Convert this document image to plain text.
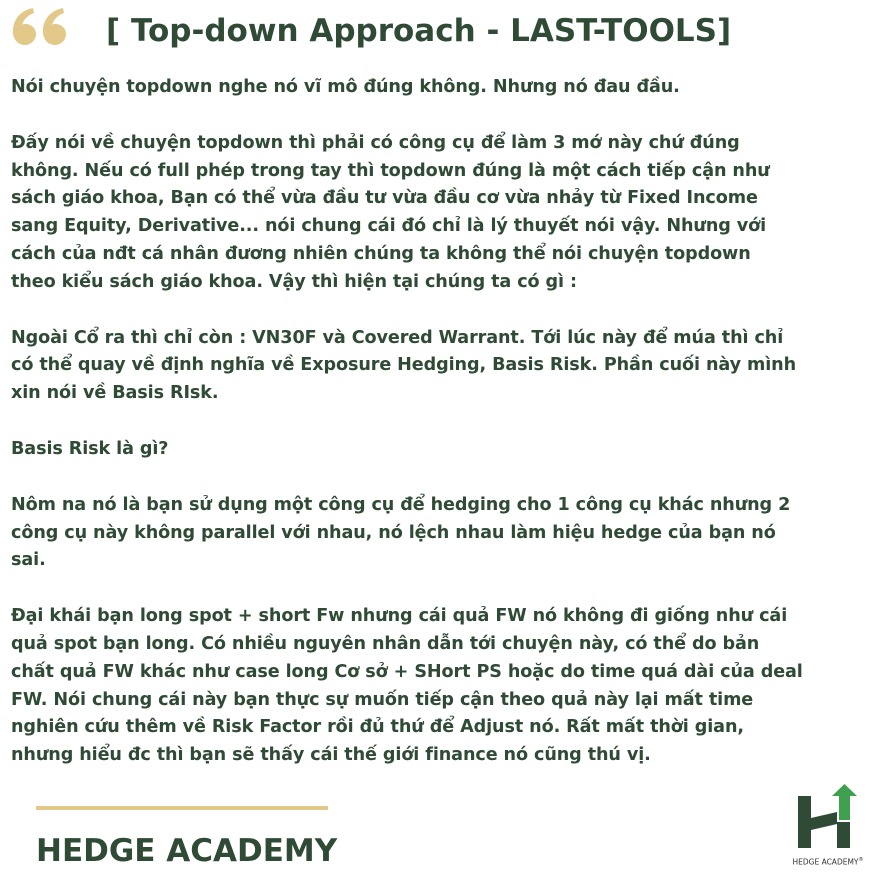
[ Top-down Approach - LAST-TOOLS]

Nói chuyện topdown nghe nó vĩ mô đúng không. Nhưng nó đau đầu.

Đấy nói về chuyện topdown thì phải có công cụ để làm 3 mớ này chứ đúng
không. Nếu có full phép trong tay thì topdown đúng là một cách tiếp cận như
sách giáo khoa, Bạn có thể vừa đầu tư vừa đầu cơ vừa nhảy từ Fixed Income
sang Equity, Derivative... nói chung cái đó chỉ là lý thuyết nói vậy. Nhưng với
cách của nđt cá nhân đương nhiên chúng ta không thể nói chuyện topdown
theo kiểu sách giáo khoa. Vậy thì hiện tại chúng ta có gì :

Ngoài Cổ ra thì chỉ còn : VN30F và Covered Warrant. Tới lúc này để múa thì chỉ
có thể quay về định nghĩa về Exposure Hedging, Basis Risk. Phần cuối này mình
xin nói về Basis RIsk.

Basis Risk là gì?

Nôm na nó là bạn sử dụng một công cụ để hedging cho 1 công cụ khác nhưng 2
công cụ này không parallel với nhau, nó lệch nhau làm hiệu hedge của bạn nó
sai.

Đại khái bạn long spot + short Fw nhưng cái quả FW nó không đi giống như cái
quả spot bạn long. Có nhiều nguyên nhân dẫn tới chuyện này, có thể do bản
chất quả FW khác như case long Cơ sở + SHort PS hoặc do time quá dài của deal
FW. Nói chung cái này bạn thực sự muốn tiếp cận theo quả này lại mất time
nghiên cứu thêm về Risk Factor rồi đủ thứ để Adjust nó. Rất mất thời gian,
nhưng hiểu đc thì bạn sẽ thấy cái thế giới finance nó cũng thú vị.

HEDGE ACADEMY	HEDGE ACADEMY®
